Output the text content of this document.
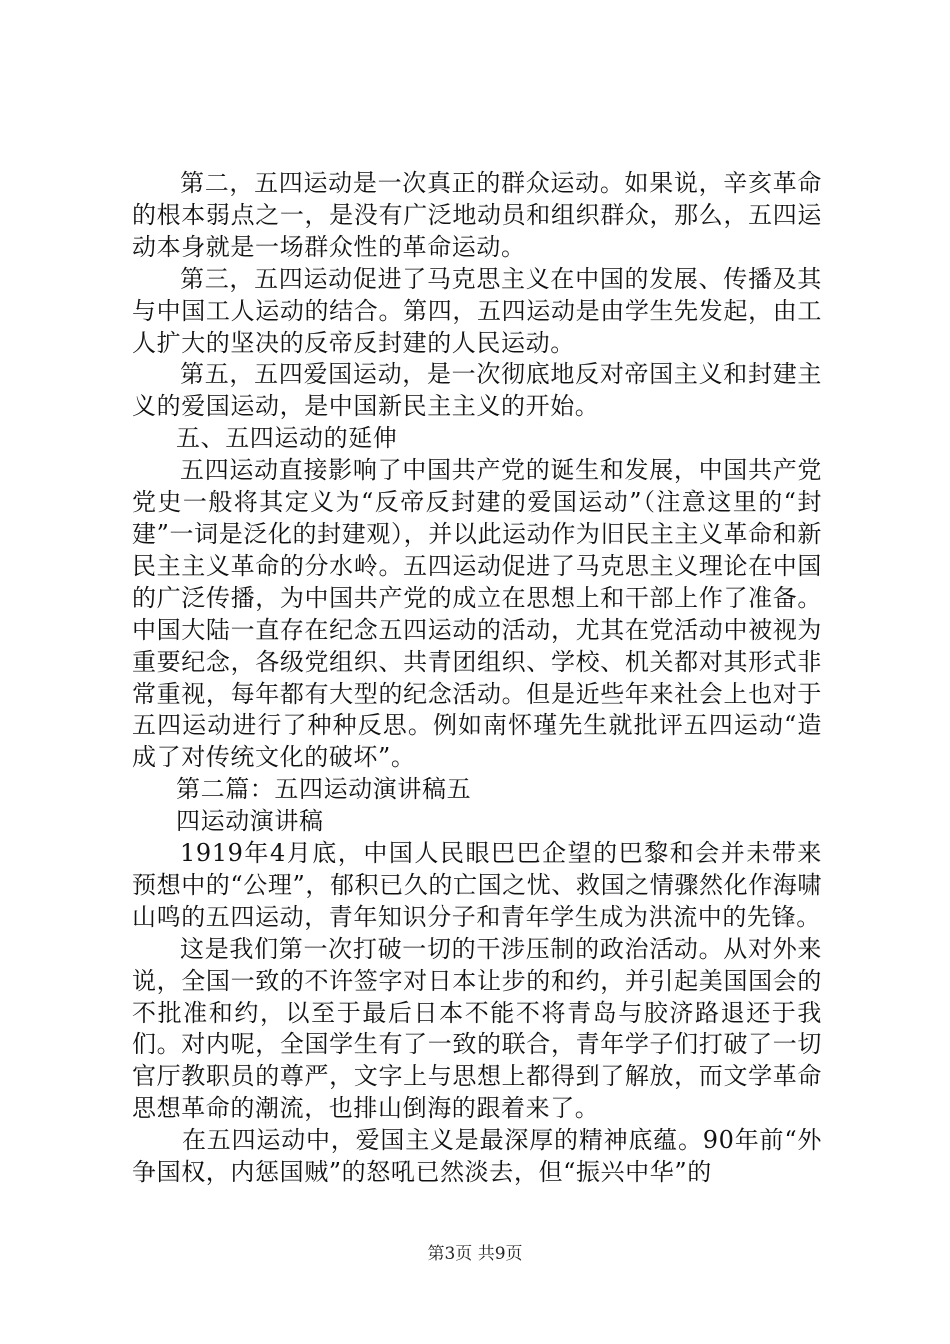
第二，五四运动是一次真正的群众运动。如果说，辛亥革命的根本弱点之一，是没有广泛地动员和组织群众，那么，五四运动本身就是一场群众性的革命运动。

第三，五四运动促进了马克思主义在中国的发展、传播及其与中国工人运动的结合。第四，五四运动是由学生先发起，由工人扩大的坚决的反帝反封建的人民运动。

第五，五四爱国运动，是一次彻底地反对帝国主义和封建主义的爱国运动，是中国新民主主义的开始。

五、五四运动的延伸

五四运动直接影响了中国共产党的诞生和发展，中国共产党党史一般将其定义为“反帝反封建的爱国运动”（注意这里的“封建”一词是泛化的封建观），并以此运动作为旧民主主义革命和新民主主义革命的分水岭。五四运动促进了马克思主义理论在中国的广泛传播，为中国共产党的成立在思想上和干部上作了准备。中国大陆一直存在纪念五四运动的活动，尤其在党活动中被视为重要纪念，各级党组织、共青团组织、学校、机关都对其形式非常重视，每年都有大型的纪念活动。但是近些年来社会上也对于五四运动进行了种种反思。例如南怀瑾先生就批评五四运动“造成了对传统文化的破坏”。

第二篇：五四运动演讲稿五

四运动演讲稿

1919年4月底，中国人民眼巴巴企望的巴黎和会并未带来预想中的“公理”，郁积已久的亡国之忧、救国之情骤然化作海啸山鸣的五四运动，青年知识分子和青年学生成为洪流中的先锋。

这是我们第一次打破一切的干涉压制的政治活动。从对外来说，全国一致的不许签字对日本让步的和约，并引起美国国会的不批准和约，以至于最后日本不能不将青岛与胶济路退还于我们。对内呢，全国学生有了一致的联合，青年学子们打破了一切官厅教职员的尊严，文字上与思想上都得到了解放，而文学革命思想革命的潮流，也排山倒海的跟着来了。

在五四运动中，爱国主义是最深厚的精神底蕴。90年前“外争国权，内惩国贼”的怒吼已然淡去，但“振兴中华”的

第3页 共9页
